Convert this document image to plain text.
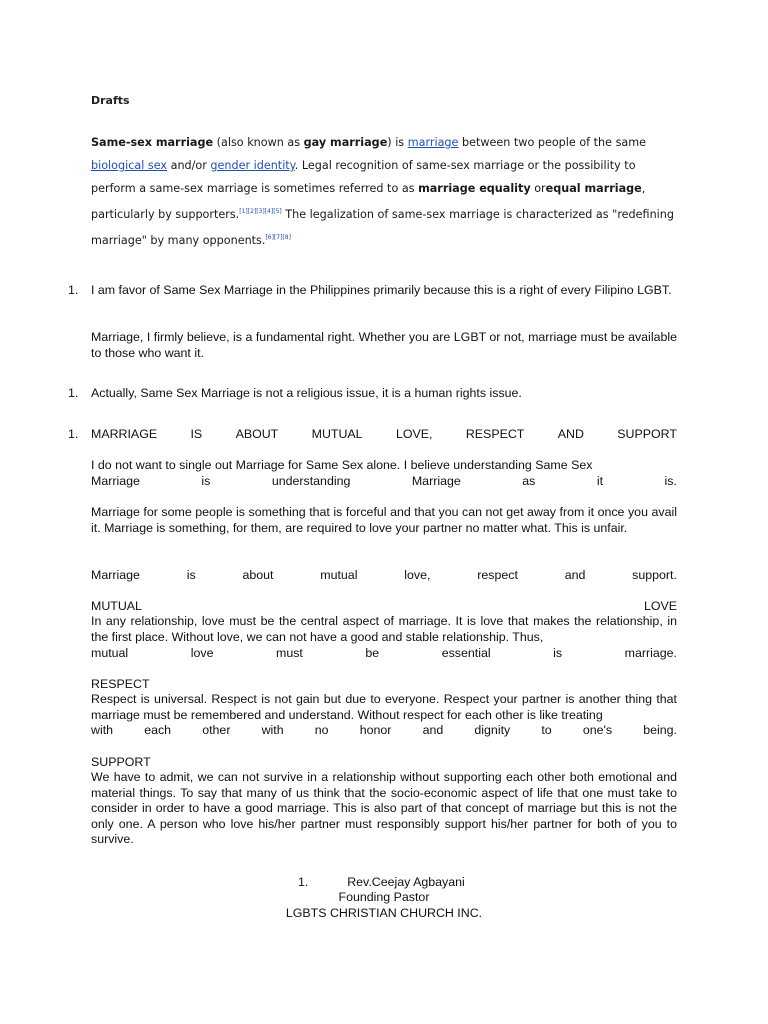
Drafts
Same-sex marriage (also known as gay marriage) is marriage between two people of the same biological sex and/or gender identity. Legal recognition of same-sex marriage or the possibility to perform a same-sex marriage is sometimes referred to as marriage equality orequal marriage, particularly by supporters.[1][2][3][4][5] The legalization of same-sex marriage is characterized as "redefining marriage" by many opponents.[6][7][8]
1. I am favor of Same Sex Marriage in the Philippines primarily because this is a right of every Filipino LGBT.
Marriage, I firmly believe, is a fundamental right. Whether you are LGBT or not, marriage must be available to those who want it.
1. Actually, Same Sex Marriage is not a religious issue, it is a human rights issue.
1. MARRIAGE	IS	ABOUT	MUTUAL	LOVE,	RESPECT	AND	SUPPORT
I do not want to single out Marriage for Same Sex alone. I believe understanding Same Sex
Marriage	is	understanding	Marriage	as	it	is.
Marriage for some people is something that is forceful and that you can not get away from it once you avail it. Marriage is something, for them, are required to love your partner no matter what. This is unfair.
Marriage	is	about	mutual	love,	respect	and	support.
MUTUAL	LOVE
In any relationship, love must be the central aspect of marriage. It is love that makes the relationship, in the first place. Without love, we can not have a good and stable relationship. Thus,
mutual	love	must	be	essential	is	marriage.
RESPECT
Respect is universal. Respect is not gain but due to everyone. Respect your partner is another thing that marriage must be remembered and understand. Without respect for each other is like treating
with	each	other	with	no	honor	and	dignity	to	one's	being.
SUPPORT
We have to admit, we can not survive in a relationship without supporting each other both emotional and material things. To say that many of us think that the socio-economic aspect of life that one must take to consider in order to have a good marriage. This is also part of that concept of marriage but this is not the only one. A person who love his/her partner must responsibly support his/her partner for both of you to survive.
1.	Rev.Ceejay Agbayani
Founding Pastor
LGBTS CHRISTIAN CHURCH INC.
